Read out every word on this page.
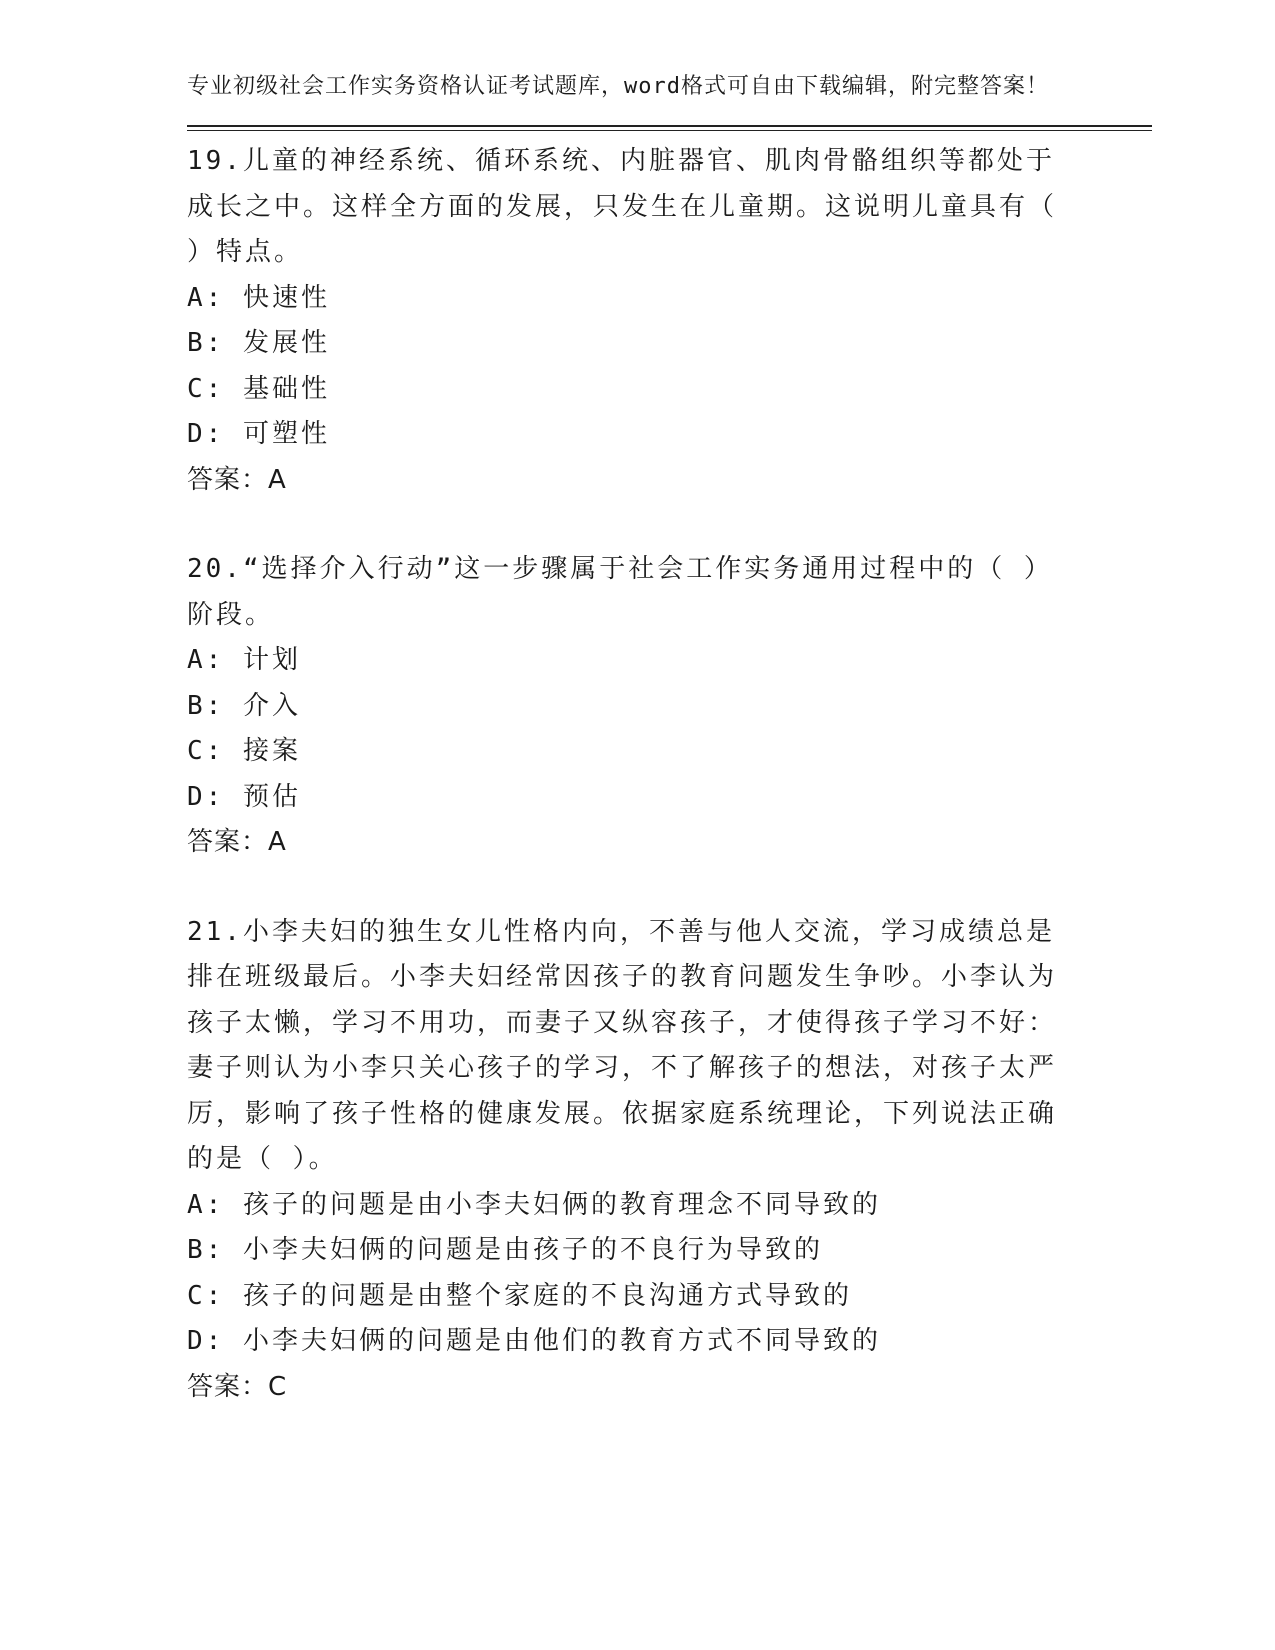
专业初级社会工作实务资格认证考试题库，word格式可自由下载编辑，附完整答案！
19.儿童的神经系统、循环系统、内脏器官、肌肉骨骼组织等都处于成长之中。这样全方面的发展，只发生在儿童期。这说明儿童具有（ ）特点。
A: 快速性
B: 发展性
C: 基础性
D: 可塑性
答案：A
20.“选择介入行动”这一步骤属于社会工作实务通用过程中的（ ）阶段。
A: 计划
B: 介入
C: 接案
D: 预估
答案：A
21.小李夫妇的独生女儿性格内向，不善与他人交流，学习成绩总是排在班级最后。小李夫妇经常因孩子的教育问题发生争吵。小李认为孩子太懒，学习不用功，而妻子又纵容孩子，才使得孩子学习不好：妻子则认为小李只关心孩子的学习，不了解孩子的想法，对孩子太严厉，影响了孩子性格的健康发展。依据家庭系统理论，下列说法正确的是（ ）。
A: 孩子的问题是由小李夫妇俩的教育理念不同导致的
B: 小李夫妇俩的问题是由孩子的不良行为导致的
C: 孩子的问题是由整个家庭的不良沟通方式导致的
D: 小李夫妇俩的问题是由他们的教育方式不同导致的
答案：C
